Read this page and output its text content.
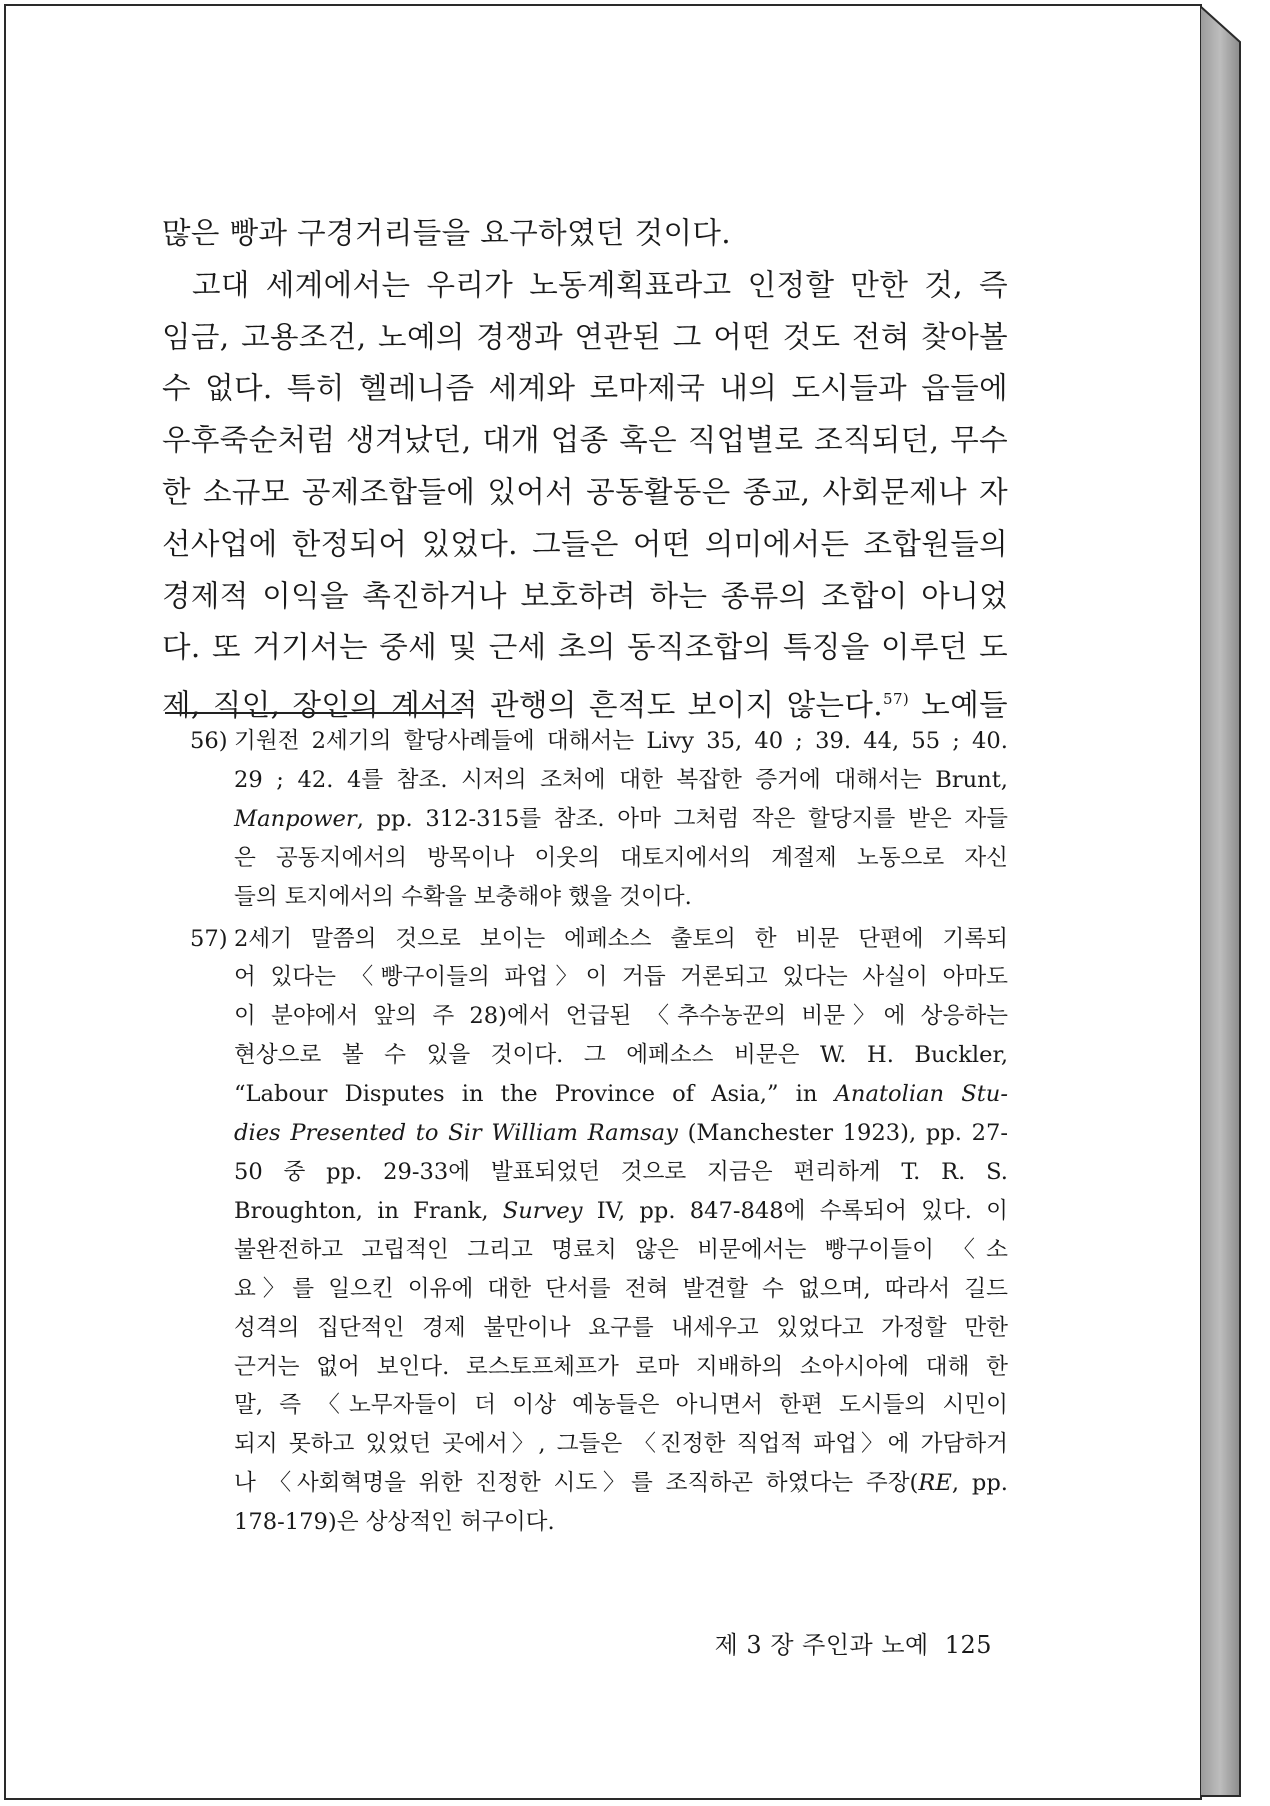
많은 빵과 구경거리들을 요구하였던 것이다.
고대 세계에서는 우리가 노동계획표라고 인정할 만한 것, 즉
임금, 고용조건, 노예의 경쟁과 연관된 그 어떤 것도 전혀 찾아볼
수 없다. 특히 헬레니즘 세계와 로마제국 내의 도시들과 읍들에
우후죽순처럼 생겨났던, 대개 업종 혹은 직업별로 조직되던, 무수
한 소규모 공제조합들에 있어서 공동활동은 종교, 사회문제나 자
선사업에 한정되어 있었다. 그들은 어떤 의미에서든 조합원들의
경제적 이익을 촉진하거나 보호하려 하는 종류의 조합이 아니었
다. 또 거기서는 중세 및 근세 초의 동직조합의 특징을 이루던 도
제, 직인, 장인의 계서적 관행의 흔적도 보이지 않는다.$^{57)}$ 노예들
56) 기원전 2세기의 할당사례들에 대해서는 Livy 35, 40 ; 39. 44, 55 ; 40.
29 ; 42. 4를 참조. 시저의 조처에 대한 복잡한 증거에 대해서는 Brunt,
Manpower, pp. 312-315를 참조. 아마 그처럼 작은 할당지를 받은 자들
은 공동지에서의 방목이나 이웃의 대토지에서의 계절제 노동으로 자신
들의 토지에서의 수확을 보충해야 했을 것이다.
57) 2세기 말쯤의 것으로 보이는 에페소스 출토의 한 비문 단편에 기록되
어 있다는 〈빵구이들의 파업〉이 거듭 거론되고 있다는 사실이 아마도
이 분야에서 앞의 주 28)에서 언급된 〈추수농꾼의 비문〉에 상응하는
현상으로 볼 수 있을 것이다. 그 에페소스 비문은 W. H. Buckler,
“Labour Disputes in the Province of Asia,” in Anatolian Stu-
dies Presented to Sir William Ramsay (Manchester 1923), pp. 27-
50 중 pp. 29-33에 발표되었던 것으로 지금은 편리하게 T. R. S.
Broughton, in Frank, Survey IV, pp. 847-848에 수록되어 있다. 이
불완전하고 고립적인 그리고 명료치 않은 비문에서는 빵구이들이 〈소
요〉를 일으킨 이유에 대한 단서를 전혀 발견할 수 없으며, 따라서 길드
성격의 집단적인 경제 불만이나 요구를 내세우고 있었다고 가정할 만한
근거는 없어 보인다. 로스토프체프가 로마 지배하의 소아시아에 대해 한
말, 즉 〈노무자들이 더 이상 예농들은 아니면서 한편 도시들의 시민이
되지 못하고 있었던 곳에서〉, 그들은 〈진정한 직업적 파업〉에 가담하거
나 〈사회혁명을 위한 진정한 시도〉를 조직하곤 하였다는 주장(RE, pp.
178-179)은 상상적인 허구이다.
제 3 장 주인과 노예 125
